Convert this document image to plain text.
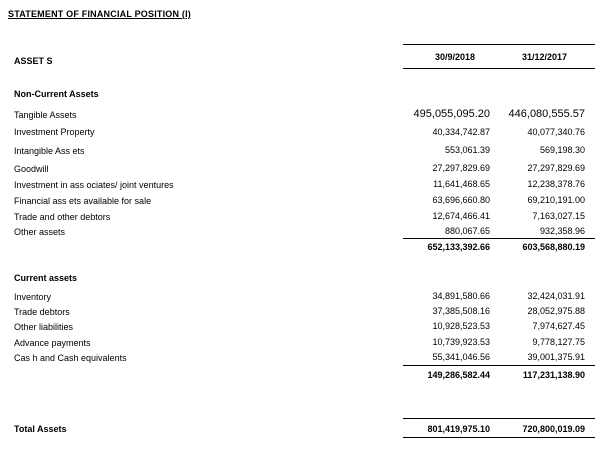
STATEMENT OF FINANCIAL POSITION (I)
ASSET S	30/9/2018	31/12/2017
Non-Current Assets
Tangible Assets	495,055,095.20	446,080,555.57
Investment Property	40,334,742.87	40,077,340.76
Intangible Ass ets	553,061.39	569,198.30
Goodwill	27,297,829.69	27,297,829.69
Investment in ass ociates/ joint ventures	11,641,468.65	12,238,378.76
Financial ass ets available for sale	63,696,660.80	69,210,191.00
Trade and other debtors	12,674,466.41	7,163,027.15
Other assets	880,067.65	932,358.96
652,133,392.66	603,568,880.19
Current assets
Inventory	34,891,580.66	32,424,031.91
Trade debtors	37,385,508.16	28,052,975.88
Other liabilities	10,928,523.53	7,974,627.45
Advance payments	10,739,923.53	9,778,127.75
Cas h and Cash equivalents	55,341,046.56	39,001,375.91
149,286,582.44	117,231,138.90
Total Assets	801,419,975.10	720,800,019.09
